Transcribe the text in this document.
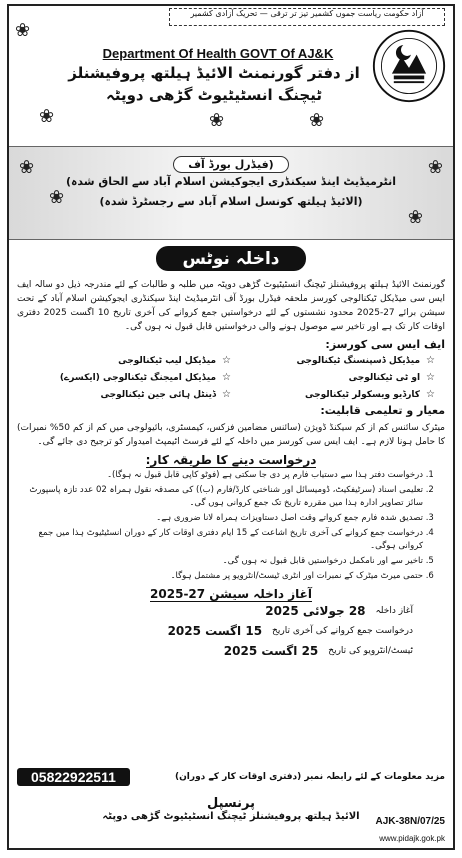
آزاد حکومت ریاست جموں کشمیر تیز تر ترقی — تحریک آزادی کشمیر
❀
❀	❀	❀
Department Of Health GOVT Of AJ&K
از دفتر گورنمنٹ الائیڈ ہیلتھ پروفیشنلز
ٹیچنگ انسٹیٹیوٹ گڑھی دوپٹہ
❀
❀
❀
❀
(فیڈرل بورڈ آف
انٹرمیڈیٹ اینڈ سیکنڈری ایجوکیشن اسلام آباد سے الحاق شدہ)
(الائیڈ ہیلتھ کونسل اسلام آباد سے رجسٹرڈ شدہ)
داخلہ نوٹس
گورنمنٹ الائیڈ ہیلتھ پروفیشنلز ٹیچنگ انسٹیٹیوٹ گڑھی دوپٹہ میں طلبہ و طالبات کے لئے مندرجہ ذیل دو سالہ ایف ایس سی میڈیکل ٹیکنالوجی کورسز ملحقہ فیڈرل بورڈ آف انٹرمیڈیٹ اینڈ سیکنڈری ایجوکیشن اسلام آباد کے تحت سیشن برائے 27-2025 محدود نشستوں کے لئے درخواستیں جمع کروانے کی آخری تاریخ 10 اگست 2025 دفتری اوقات کار تک ہے اور تاخیر سے موصول ہونے والی درخواستیں قابل قبول نہ ہوں گی۔
ایف ایس سی کورسز:
☆
میڈیکل ڈسپنسنگ ٹیکنالوجی
☆
میڈیکل لیب ٹیکنالوجی
☆
او ٹی ٹیکنالوجی
☆
میڈیکل امیجنگ ٹیکنالوجی (ایکسرے)
☆
کارڈیو ویسکولر ٹیکنالوجی
☆
ڈینٹل ہائی جین ٹیکنالوجی
معیار و تعلیمی قابلیت:
میٹرک سائنس کم از کم سیکنڈ ڈویژن (سائنس مضامین فزکس، کیمسٹری، بائیولوجی میں کم از کم 50% نمبرات) کا حامل ہونا لازم ہے۔ ایف ایس سی کورسز میں داخلہ کے لئے فرسٹ اٹیمپٹ امیدوار کو ترجیح دی جائے گی۔
درخواست دینے کا طریقہ کار:
1. درخواست دفتر ہذا سے دستیاب فارم پر دی جا سکتی ہے (فوٹو کاپی قابل قبول نہ ہوگا)۔
2. تعلیمی اسناد (سرٹیفکیٹ، ڈومیسائل اور شناختی کارڈ/فارم (ب)) کی مصدقہ نقول ہمراہ 02 عدد تازہ پاسپورٹ سائز تصاویر ادارہ ہذا میں مقررہ تاریخ تک جمع کروانی ہوں گی۔
3. تصدیق شدہ فارم جمع کرواتے وقت اصل دستاویزات ہمراہ لانا ضروری ہے۔
4. درخواست جمع کروانے کی آخری تاریخ اشاعت کے 15 ایام دفتری اوقات کار کے دوران انسٹیٹیوٹ ہذا میں جمع کروانی ہوگی۔
5. تاخیر سے اور نامکمل درخواستیں قابل قبول نہ ہوں گی۔
6. حتمی میرٹ میٹرک کے نمبرات اور انٹری ٹیسٹ/انٹرویو پر مشتمل ہوگا۔
آغاز داخلہ سیشن 27-2025
آغاز داخلہ
28 جولائی 2025
درخواست جمع کروانے کی آخری تاریخ
15 اگست 2025
ٹیسٹ/انٹرویو کی تاریخ
25 اگست 2025
0582292251​1	مزید معلومات کے لئے رابطہ نمبر (دفتری اوقات کار کے دوران)
پرنسپل
الائیڈ ہیلتھ پروفیشنلز ٹیچنگ انسٹیٹیوٹ گڑھی دوپٹہ	AJK-38N/07/25
www.pidajk.gok.pk
